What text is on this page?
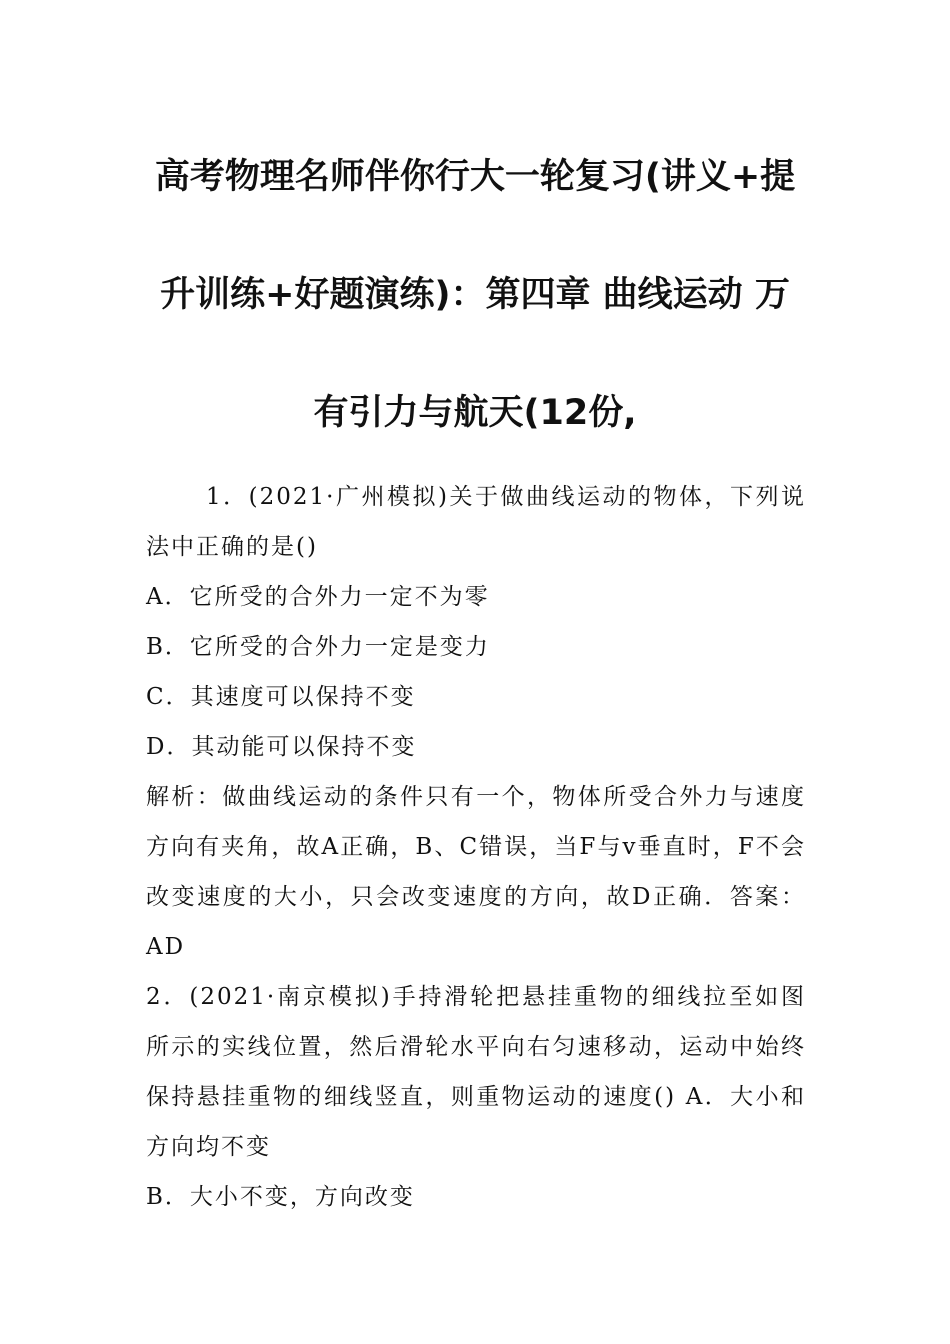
高考物理名师伴你行大一轮复习(讲义+提
升训练+好题演练)：第四章 曲线运动 万
有引力与航天(12份,

1．(2021·广州模拟)关于做曲线运动的物体，下列说法中正确的是()

A．它所受的合外力一定不为零

B．它所受的合外力一定是变力

C．其速度可以保持不变

D．其动能可以保持不变

解析：做曲线运动的条件只有一个，物体所受合外力与速度方向有夹角，故A正确，B、C错误，当F与v垂直时，F不会改变速度的大小，只会改变速度的方向，故D正确．答案：AD

2．(2021·南京模拟)手持滑轮把悬挂重物的细线拉至如图所示的实线位置，然后滑轮水平向右匀速移动，运动中始终保持悬挂重物的细线竖直，则重物运动的速度() A．大小和方向均不变

B．大小不变，方向改变
